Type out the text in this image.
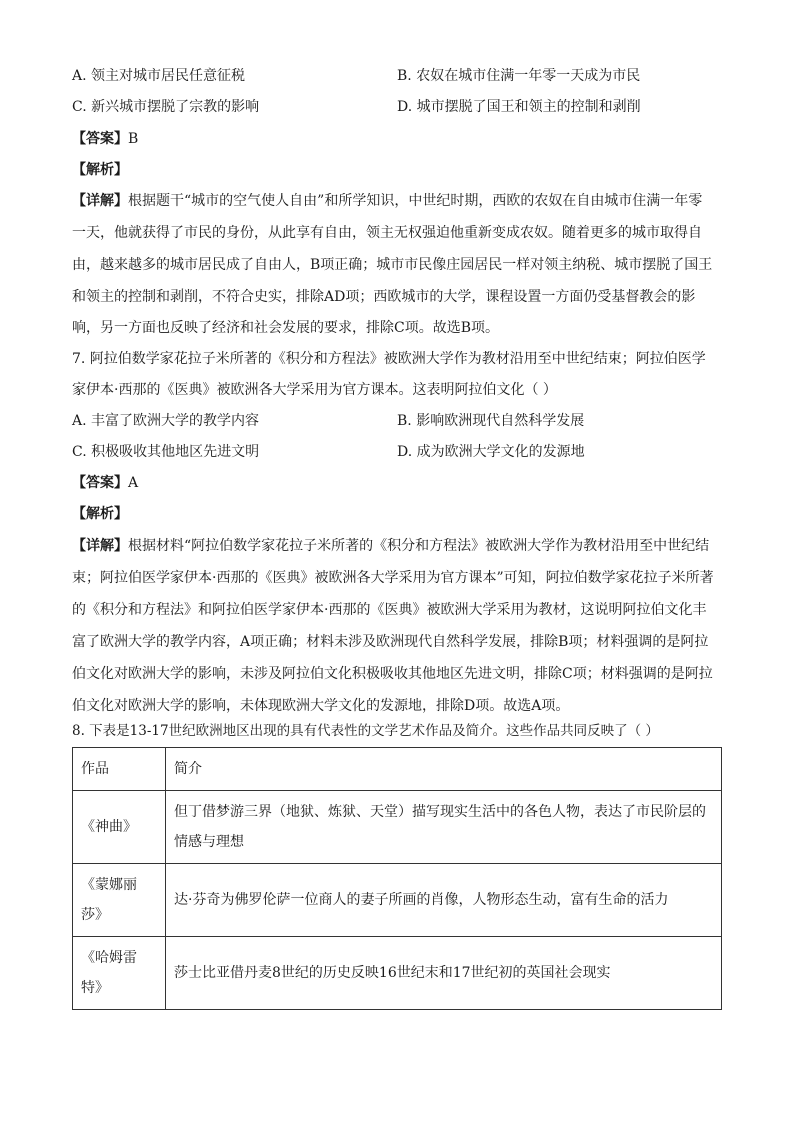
A. 领主对城市居民任意征税	B. 农奴在城市住满一年零一天成为市民
C. 新兴城市摆脱了宗教的影响	D. 城市摆脱了国王和领主的控制和剥削
【答案】B
【解析】
【详解】根据题干“城市的空气使人自由”和所学知识，中世纪时期，西欧的农奴在自由城市住满一年零
一天，他就获得了市民的身份，从此享有自由，领主无权强迫他重新变成农奴。随着更多的城市取得自
由，越来越多的城市居民成了自由人，B项正确；城市市民像庄园居民一样对领主纳税、城市摆脱了国王
和领主的控制和剥削，不符合史实，排除AD项；西欧城市的大学，课程设置一方面仍受基督教会的影
响，另一方面也反映了经济和社会发展的要求，排除C项。故选B项。
7. 阿拉伯数学家花拉子米所著的《积分和方程法》被欧洲大学作为教材沿用至中世纪结束；阿拉伯医学
家伊本·西那的《医典》被欧洲各大学采用为官方课本。这表明阿拉伯文化（ ）
A. 丰富了欧洲大学的教学内容	B. 影响欧洲现代自然科学发展
C. 积极吸收其他地区先进文明	D. 成为欧洲大学文化的发源地
【答案】A
【解析】
【详解】根据材料“阿拉伯数学家花拉子米所著的《积分和方程法》被欧洲大学作为教材沿用至中世纪结
束；阿拉伯医学家伊本·西那的《医典》被欧洲各大学采用为官方课本”可知，阿拉伯数学家花拉子米所著
的《积分和方程法》和阿拉伯医学家伊本·西那的《医典》被欧洲大学采用为教材，这说明阿拉伯文化丰
富了欧洲大学的教学内容，A项正确；材料未涉及欧洲现代自然科学发展，排除B项；材料强调的是阿拉
伯文化对欧洲大学的影响，未涉及阿拉伯文化积极吸收其他地区先进文明，排除C项；材料强调的是阿拉
伯文化对欧洲大学的影响，未体现欧洲大学文化的发源地，排除D项。故选A项。
8. 下表是13-17世纪欧洲地区出现的具有代表性的文学艺术作品及简介。这些作品共同反映了（ ）
作品	简介
《神曲》	但丁借梦游三界（地狱、炼狱、天堂）描写现实生活中的各色人物，表达了市民阶层的情感与理想
《蒙娜丽莎》	达·芬奇为佛罗伦萨一位商人的妻子所画的肖像，人物形态生动，富有生命的活力
《哈姆雷特》	莎士比亚借丹麦8世纪的历史反映16世纪末和17世纪初的英国社会现实
